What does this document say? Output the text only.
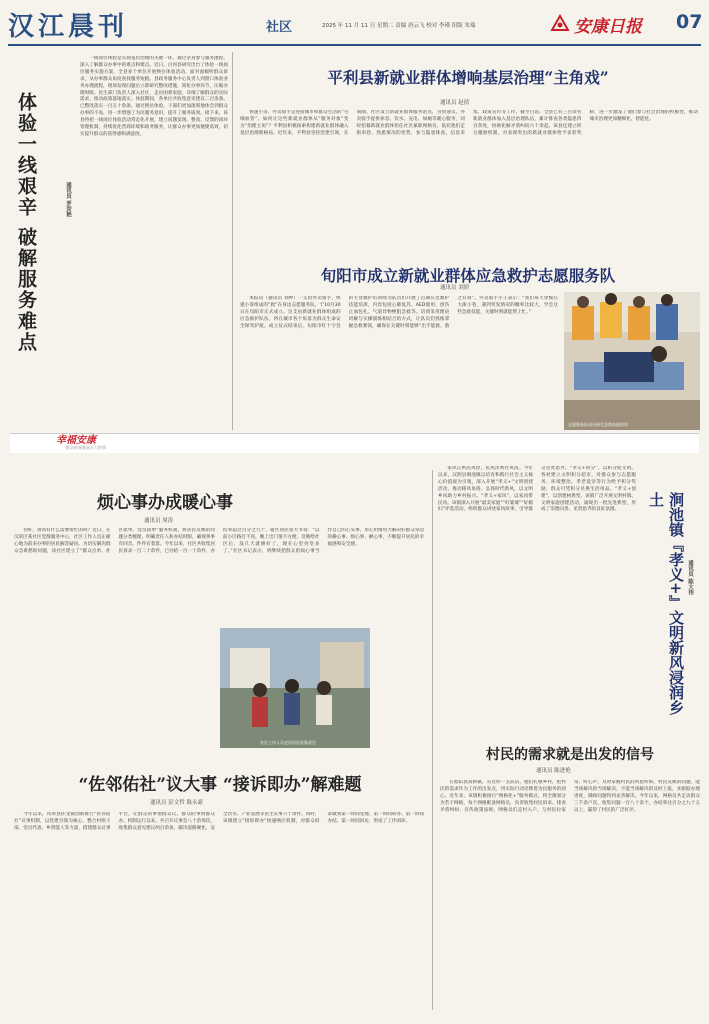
汉江晨刊	社区	2025 年 11 月 11 日 星期二 责编 唐云飞 校对 李瑾 组版 朱瑞	安康日报 07
体验一线艰辛 破解服务难点	通讯员 罗荧艳

一线岗位体验是实现基层治理的关键一环，通过亲身参与服务流程，深入了解群众办事中的难点和堵点。近日，白河县研究出台了体验一线岗位服务实施方案，全县多个单位开展换位体验活动，面对面倾听群众诉求，从办事群众角度查找服务短板。县政务服务中心负责人到窗口体验业务办理流程，现场发现问题后立即研究整改措施，简化办事环节，压缩办理时限。民生部门负责人深入社区，走访困难家庭，详细了解群众的实际需求，推动政策落地落实。体验期间，各单位共收集意见建议二百余条，已整改落实一百五十余条。通过换位体验，干部们更加深刻地体会到群众办事的不易，进一步增强了为民服务意识，提升了服务质效。接下来，该县将把一线岗位体验活动常态化开展，建立问题发现、整改、反馈的闭环管理机制，持续优化营商环境和政务服务，让群众办事更加便捷高效，切实提升群众的获得感和满意度。

平利县新就业群体增响基层治理“主角戏”
通讯员 赵倩

快递小哥、外卖骑手是连接城市和群众生活的“毛细血管”。如何让这些新就业群体从“服务对象”变为“治理主角”？平利县积极探索构建新就业群体融入基层治理新格局。近年来，平利县坚持党建引领，在商圈、社区设立新就业群体服务站点，为快递员、外卖骑手提供休息、饮水、充电、如厕等暖心服务，同时招募新就业群体担任社区兼职网格员，依托他们走街串巷、熟悉情况的优势，参与隐患排查、信息采集、政策宣传等工作。截至目前，全县已有三百余名新就业群体加入基层治理队伍，累计排查各类隐患四百余处，协助化解矛盾纠纷六十余起。该县还建立积分激励机制，对表现突出的新就业群体给予表彰奖励，进一步激发了他们参与社会治理的积极性，推动城市治理更加精细化、智能化。

旬阳市成立新就业群体应急救护志愿服务队
通讯员 刘婷

本报讯（通讯员 刘婷）一支由外卖骑手、快递小哥组成的“救”在身边志愿服务队，于10月30日在旬阳市正式成立。这支由新就业群体组成的应急救护队伍，将在城市各个角落为群众生命安全保驾护航。成立仪式结束后，旬阳市红十字会的专业救护培训师为队员们开展了首期应急救护技能培训，内容包括心肺复苏、AED使用、创伤止血包扎、气道异物梗阻急救等。培训采用理论讲解与实操演练相结合的方式，让队员们熟练掌握急救要领，确保在关键时刻能够“出手能救、救之有效”。外卖骑手小王表示：“我们每天穿梭在大街小巷，遇到突发情况的概率比较大，学会这些急救技能，关键时刻就能帮上忙。”

志愿服务队成员接受急救技能培训
幸福安康
群众的事就是天大的事
烦心事办成暖心事
通讯员 周涛

你好，请问有什么需要帮忙的吗？近日，在汉滨区某社区党群服务中心，社区工作人员正耐心地为前来办事的居民解答疑问。为切实解决群众急难愁盼问题，该社区建立了“群众点单、社区派单、党员接单”服务机制，将居民反映的问题分类梳理，明确责任人和办结时限，确保事事有回音、件件有着落。今年以来，社区共收集居民诉求一百二十余件，已办结一百一十余件，办结率超过百分之九十。辖区居民张大爷说：“以前小区路灯不亮，晚上出门很不方便，反映给社区后，没几天就修好了，现在心里亮堂多了。”社区书记表示，将继续把群众的烦心事当作自己的心头事，用心用情用力解决好群众身边的操心事、烦心事、揪心事，不断提升居民的幸福感和安全感。

社区工作人员走访居民收集意见
“佐邻佑社”议大事 “接诉即办”解难题
通讯员 彭文哲 陈永豪

今年以来，岚皋县佐龙镇创新推行“佐邻佑社”议事机制，以党建引领为核心，整合村组干部、党员代表、乡贤能人等力量，搭建群众议事平台，让群众的事情群众议、群众的事情群众办。机制运行以来，共召开议事会八十余场次，收集群众意见建议两百余条，解决道路硬化、安全饮水、产业发展等民生实事六十余件。同时，该镇建立“接诉即办”快速响应机制，对群众诉求做到第一时间受理、第一时间转办、第一时间办结、第一时间回访，形成了工作闭环。

家风正则民风淳，民风淳则社风清。今年以来，汉阴县涧池镇以培育和践行社会主义核心价值观为引领，深入开展“孝义+”文明创建活动，推动移风易俗，弘扬时代新风，以文明乡风助力乡村振兴。“孝义+家风”，以家风带民风。该镇深入开展“最美家庭”“好婆婆”“好媳妇”评选活动，组织群众讲述家风故事，引导群众见贤思齐。“孝义+积分”，以积分促文明。各村建立文明积分超市，对群众参与志愿服务、环境整治、孝老爱亲等行为给予积分奖励，群众可凭积分兑换生活用品。“孝义+创建”，以创建树典型。该镇广泛开展文明村镇、文明家庭创建活动，涌现出一批先进典型，形成了崇德向善、见贤思齐的良好氛围。	涧池镇『孝义+』文明新风浸润乡土
通讯员 陈大伟
村民的需求就是出发的信号
通讯员 陈进艳

在紫阳县高桥镇，有这样一支队伍，他们扎根乡村，把村民的需求作为工作的出发点，用实际行动诠释着为民服务的初心。近年来，该镇积极推行“网格化+”服务模式，将全镇划分为若干网格，每个网格配备网格员，负责收集村民诉求、排查矛盾纠纷、宣传政策法规。网格员们走村入户，与村民拉家常、听心声，及时掌握村民的所思所盼。村民反映的问题，能当场解决的当场解决，不能当场解决的及时上报，并跟踪办理进度，确保问题得到妥善解决。今年以来，网格员共走访群众三千余户次，收集问题一百八十余个，办结率达百分之九十五以上，赢得了村民的广泛好评。
